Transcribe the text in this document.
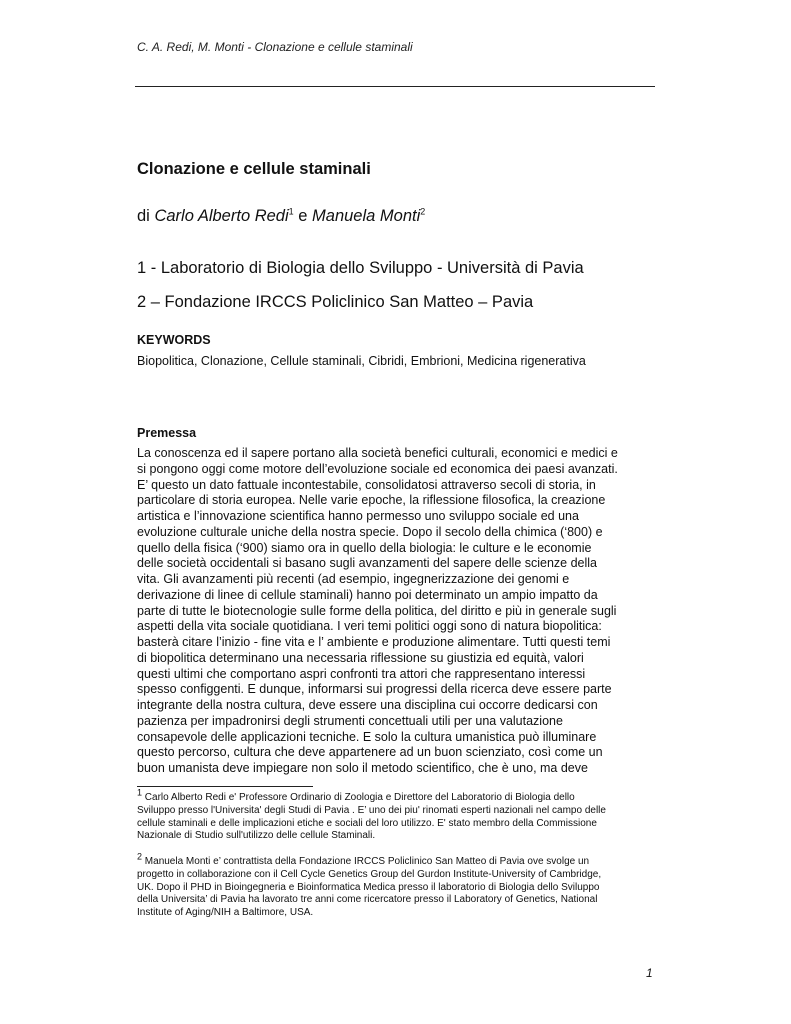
C. A. Redi, M. Monti - Clonazione e cellule staminali
Clonazione e cellule staminali
di Carlo Alberto Redi$^1$ e Manuela Monti$^2$
1 - Laboratorio di Biologia dello Sviluppo - Università di Pavia
2 – Fondazione IRCCS Policlinico San Matteo – Pavia
KEYWORDS
Biopolitica, Clonazione, Cellule staminali, Cibridi, Embrioni, Medicina rigenerativa
Premessa
La conoscenza ed il sapere portano alla società benefici culturali, economici e medici e
si pongono oggi come motore dell’evoluzione sociale ed economica dei paesi avanzati.
E’ questo un dato fattuale incontestabile, consolidatosi attraverso secoli di storia, in
particolare di storia europea. Nelle varie epoche, la riflessione filosofica, la creazione
artistica e l’innovazione scientifica hanno permesso uno sviluppo sociale ed una
evoluzione culturale uniche della nostra specie. Dopo il secolo della chimica (‘800) e
quello della fisica (‘900) siamo ora in quello della biologia: le culture e le economie
delle società occidentali si basano sugli avanzamenti del sapere delle scienze della
vita. Gli avanzamenti più recenti (ad esempio, ingegnerizzazione dei genomi e
derivazione di linee di cellule staminali) hanno poi determinato un ampio impatto da
parte di tutte le biotecnologie sulle forme della politica, del diritto e più in generale sugli
aspetti della vita sociale quotidiana. I veri temi politici oggi sono di natura biopolitica:
basterà citare l’inizio - fine vita e l’ ambiente e produzione alimentare. Tutti questi temi
di biopolitica determinano una necessaria riflessione su giustizia ed equità, valori
questi ultimi che comportano aspri confronti tra attori che rappresentano interessi
spesso configgenti. E dunque, informarsi sui progressi della ricerca deve essere parte
integrante della nostra cultura, deve essere una disciplina cui occorre dedicarsi con
pazienza per impadronirsi degli strumenti concettuali utili per una valutazione
consapevole delle applicazioni tecniche. E solo la cultura umanistica può illuminare
questo percorso, cultura che deve appartenere ad un buon scienziato, così come un
buon umanista deve impiegare non solo il metodo scientifico, che è uno, ma deve
$^1$ Carlo Alberto Redi e' Professore Ordinario di Zoologia e Direttore del Laboratorio di Biologia dello
Sviluppo presso l'Universita' degli Studi di Pavia . E’ uno dei piu' rinomati esperti nazionali nel campo delle
cellule staminali e delle implicazioni etiche e sociali del loro utilizzo. E' stato membro della Commissione
Nazionale di Studio sull'utilizzo delle cellule Staminali.
$^2$ Manuela Monti e’ contrattista della Fondazione IRCCS Policlinico San Matteo di Pavia ove svolge un
progetto in collaborazione con il Cell Cycle Genetics Group del Gurdon Institute-University of Cambridge,
UK. Dopo il PHD in Bioingegneria e Bioinformatica Medica presso il laboratorio di Biologia dello Sviluppo
della Universita’ di Pavia ha lavorato tre anni come ricercatore presso il Laboratory of Genetics, National
Institute of Aging/NIH a Baltimore, USA.
1
